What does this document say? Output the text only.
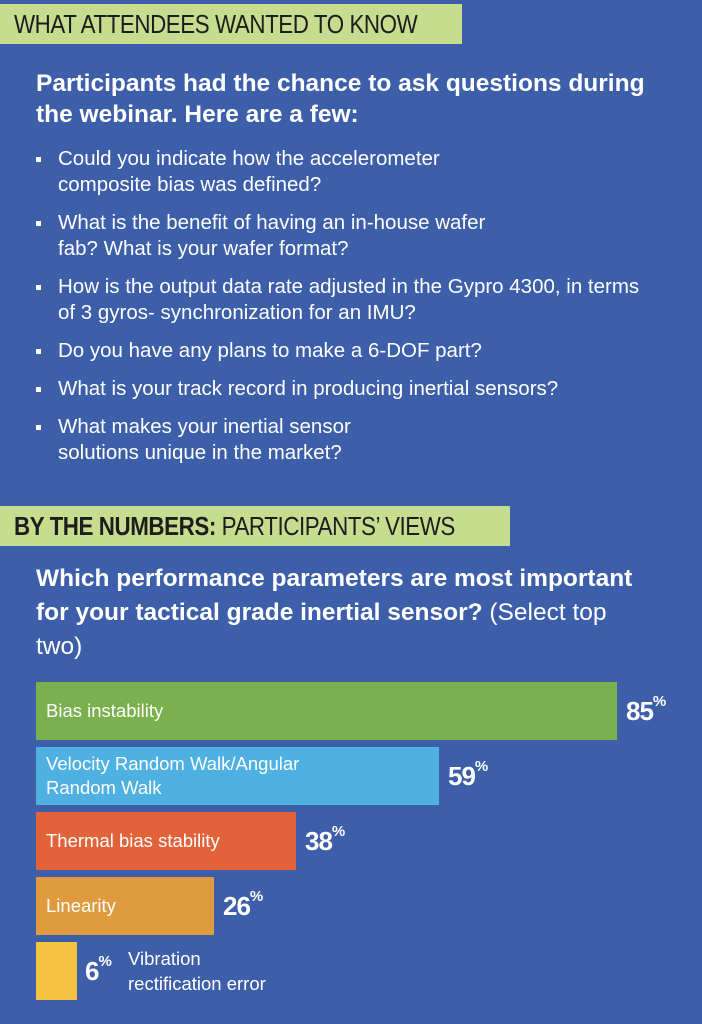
WHAT ATTENDEES WANTED TO KNOW
Participants had the chance to ask questions during the webinar. Here are a few:
Could you indicate how the accelerometer composite bias was defined?
What is the benefit of having an in-house wafer fab? What is your wafer format?
How is the output data rate adjusted in the Gypro 4300, in terms of 3 gyros- synchronization for an IMU?
Do you have any plans to make a 6-DOF part?
What is your track record in producing inertial sensors?
What makes your inertial sensor solutions unique in the market?
BY THE NUMBERS: PARTICIPANTS’ VIEWS
Which performance parameters are most important for your tactical grade inertial sensor? (Select top two)
Bias instability	85%
Velocity Random Walk/Angular Random Walk	59%
Thermal bias stability	38%
Linearity	26%
6% Vibration rectification error
